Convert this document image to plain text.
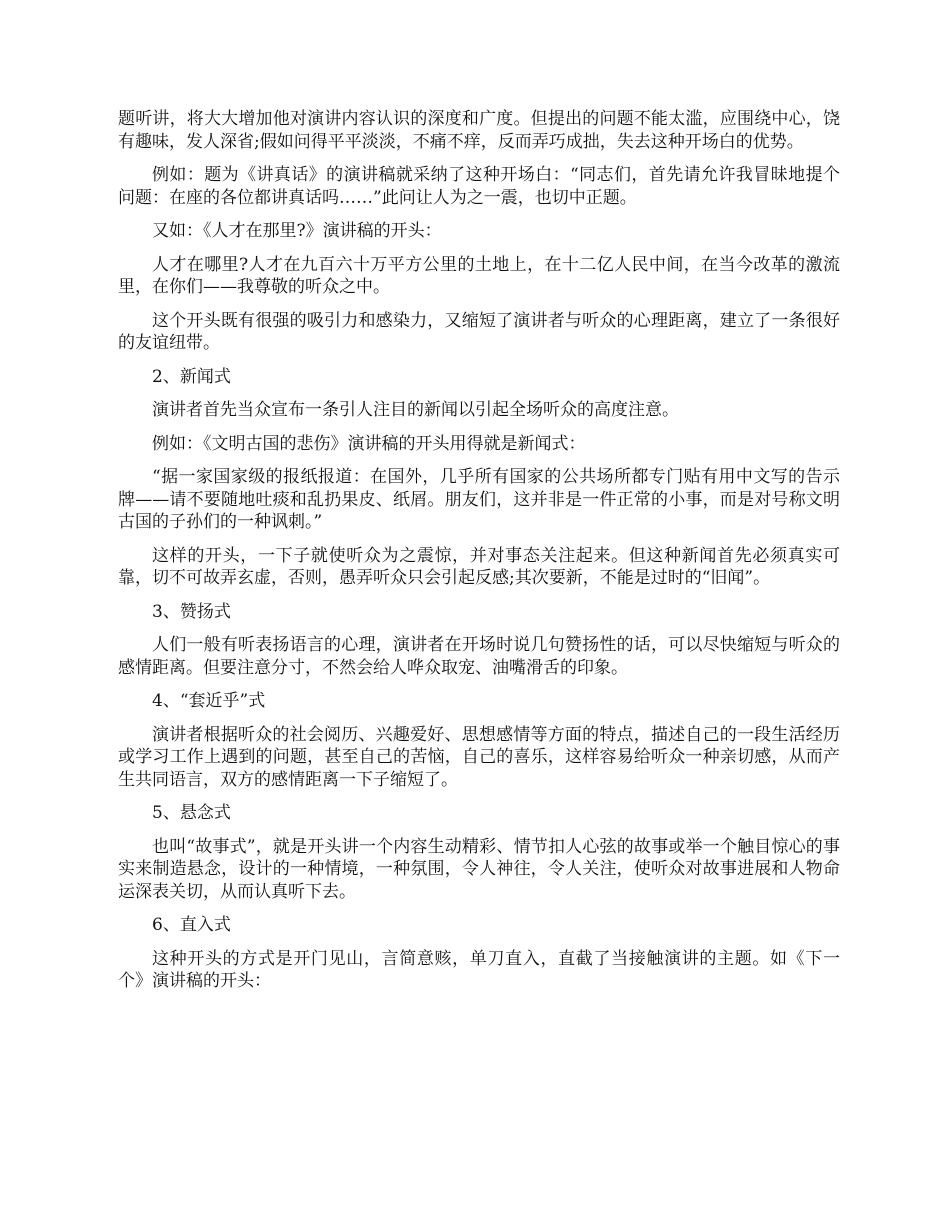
题听讲，将大大增加他对演讲内容认识的深度和广度。但提出的问题不能太滥，应围绕中心，饶有趣味，发人深省;假如问得平平淡淡，不痛不痒，反而弄巧成拙，失去这种开场白的优势。

例如：题为《讲真话》的演讲稿就采纳了这种开场白：“同志们，首先请允许我冒昧地提个问题：在座的各位都讲真话吗……”此问让人为之一震，也切中正题。

又如：《人才在那里?》演讲稿的开头：

人才在哪里?人才在九百六十万平方公里的土地上，在十二亿人民中间，在当今改革的激流里，在你们——我尊敬的听众之中。

这个开头既有很强的吸引力和感染力，又缩短了演讲者与听众的心理距离，建立了一条很好的友谊纽带。

2、新闻式

演讲者首先当众宣布一条引人注目的新闻以引起全场听众的高度注意。

例如：《文明古国的悲伤》演讲稿的开头用得就是新闻式：

“据一家国家级的报纸报道：在国外，几乎所有国家的公共场所都专门贴有用中文写的告示牌——请不要随地吐痰和乱扔果皮、纸屑。朋友们，这并非是一件正常的小事，而是对号称文明古国的子孙们的一种讽刺。”

这样的开头，一下子就使听众为之震惊，并对事态关注起来。但这种新闻首先必须真实可靠，切不可故弄玄虚，否则，愚弄听众只会引起反感;其次要新，不能是过时的“旧闻”。

3、赞扬式

人们一般有听表扬语言的心理，演讲者在开场时说几句赞扬性的话，可以尽快缩短与听众的感情距离。但要注意分寸，不然会给人哗众取宠、油嘴滑舌的印象。

4、“套近乎”式

演讲者根据听众的社会阅历、兴趣爱好、思想感情等方面的特点，描述自己的一段生活经历或学习工作上遇到的问题，甚至自己的苦恼，自己的喜乐，这样容易给听众一种亲切感，从而产生共同语言，双方的感情距离一下子缩短了。

5、悬念式

也叫“故事式”，就是开头讲一个内容生动精彩、情节扣人心弦的故事或举一个触目惊心的事实来制造悬念，设计的一种情境，一种氛围，令人神往，令人关注，使听众对故事进展和人物命运深表关切，从而认真听下去。

6、直入式

这种开头的方式是开门见山，言简意赅，单刀直入，直截了当接触演讲的主题。如《下一个》演讲稿的开头：
